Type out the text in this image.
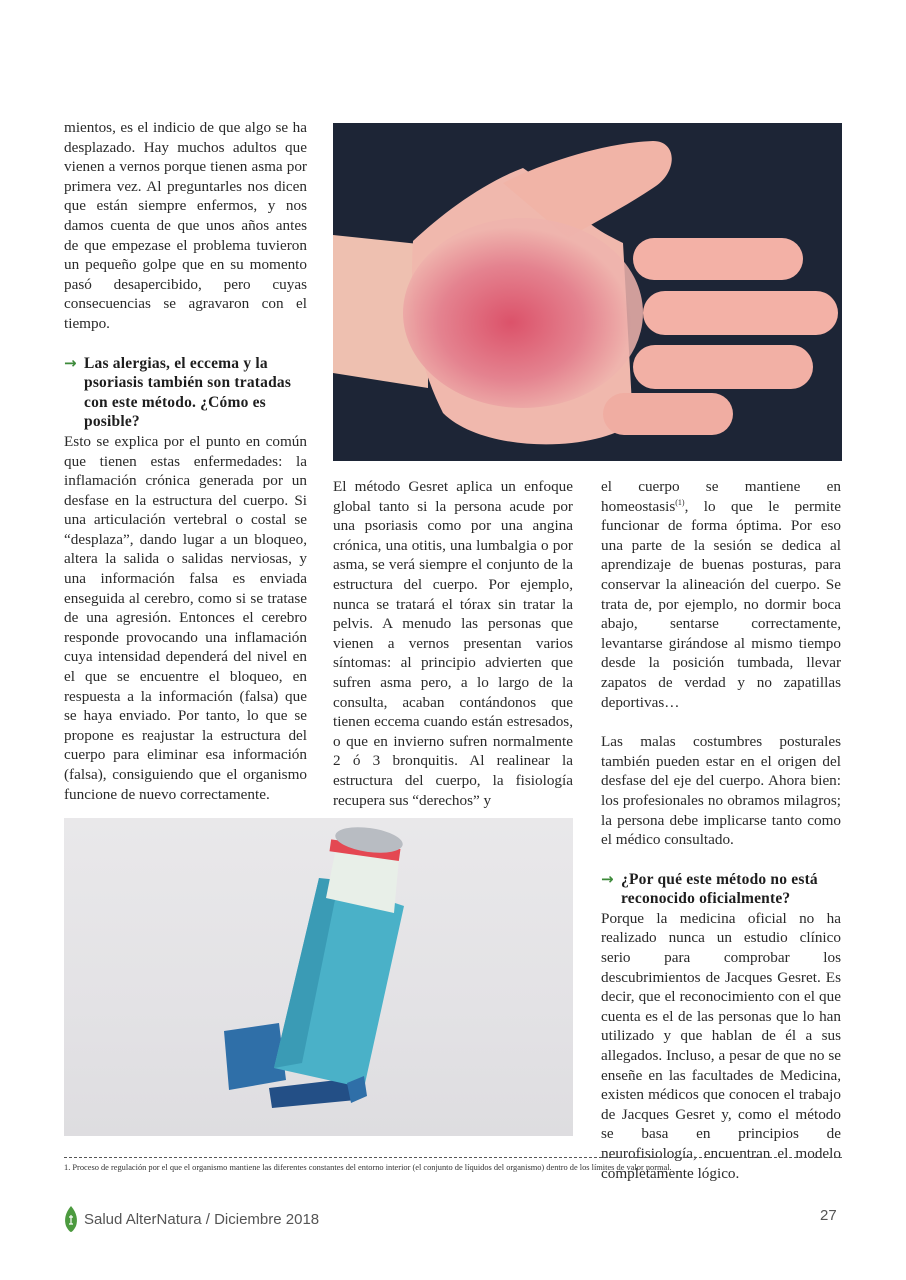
mientos, es el indicio de que algo se ha desplazado. Hay muchos adultos que vienen a vernos porque tienen asma por primera vez. Al preguntarles nos dicen que están siempre enfermos, y nos damos cuenta de que unos años antes de que empezase el problema tuvieron un pequeño golpe que en su momento pasó desapercibido, pero cuyas consecuencias se agravaron con el tiempo.

→ Las alergias, el eccema y la psoriasis también son tratadas con este método. ¿Cómo es posible?

Esto se explica por el punto en común que tienen estas enfermedades: la inflamación crónica generada por un desfase en la estructura del cuerpo. Si una articulación vertebral o costal se “desplaza”, dando lugar a un bloqueo, altera la salida o salidas nerviosas, y una información falsa es enviada enseguida al cerebro, como si se tratase de una agresión. Entonces el cerebro responde provocando una inflamación cuya intensidad dependerá del nivel en el que se encuentre el bloqueo, en respuesta a la información (falsa) que se haya enviado. Por tanto, lo que se propone es reajustar la estructura del cuerpo para eliminar esa información (falsa), consiguiendo que el organismo funcione de nuevo correctamente.

El método Gesret aplica un enfoque global tanto si la persona acude por una psoriasis como por una angina crónica, una otitis, una lumbalgia o por asma, se verá siempre el conjunto de la estructura del cuerpo. Por ejemplo, nunca se tratará el tórax sin tratar la pelvis. A menudo las personas que vienen a vernos presentan varios síntomas: al principio advierten que sufren asma pero, a lo largo de la consulta, acaban contándonos que tienen eccema cuando están estresados, o que en invierno sufren normalmente 2 ó 3 bronquitis. Al realinear la estructura del cuerpo, la fisiología recupera sus “derechos” y

el cuerpo se mantiene en homeostasis$^{(1)}$, lo que le permite funcionar de forma óptima. Por eso una parte de la sesión se dedica al aprendizaje de buenas posturas, para conservar la alineación del cuerpo. Se trata de, por ejemplo, no dormir boca abajo, sentarse correctamente, levantarse girándose al mismo tiempo desde la posición tumbada, llevar zapatos de verdad y no zapatillas deportivas…

Las malas costumbres posturales también pueden estar en el origen del desfase del eje del cuerpo. Ahora bien: los profesionales no obramos milagros; la persona debe implicarse tanto como el médico consultado.

→ ¿Por qué este método no está reconocido oficialmente?

Porque la medicina oficial no ha realizado nunca un estudio clínico serio para comprobar los descubrimientos de Jacques Gesret. Es decir, que el reconocimiento con el que cuenta es el de las personas que lo han utilizado y que hablan de él a sus allegados. Incluso, a pesar de que no se enseñe en las facultades de Medicina, existen médicos que conocen el trabajo de Jacques Gesret y, como el método se basa en principios de neurofisiología, encuentran el modelo completamente lógico.

1. Proceso de regulación por el que el organismo mantiene las diferentes constantes del entorno interior (el conjunto de líquidos del organismo) dentro de los límites de valor normal.
Salud AlterNatura / Diciembre 2018	27
